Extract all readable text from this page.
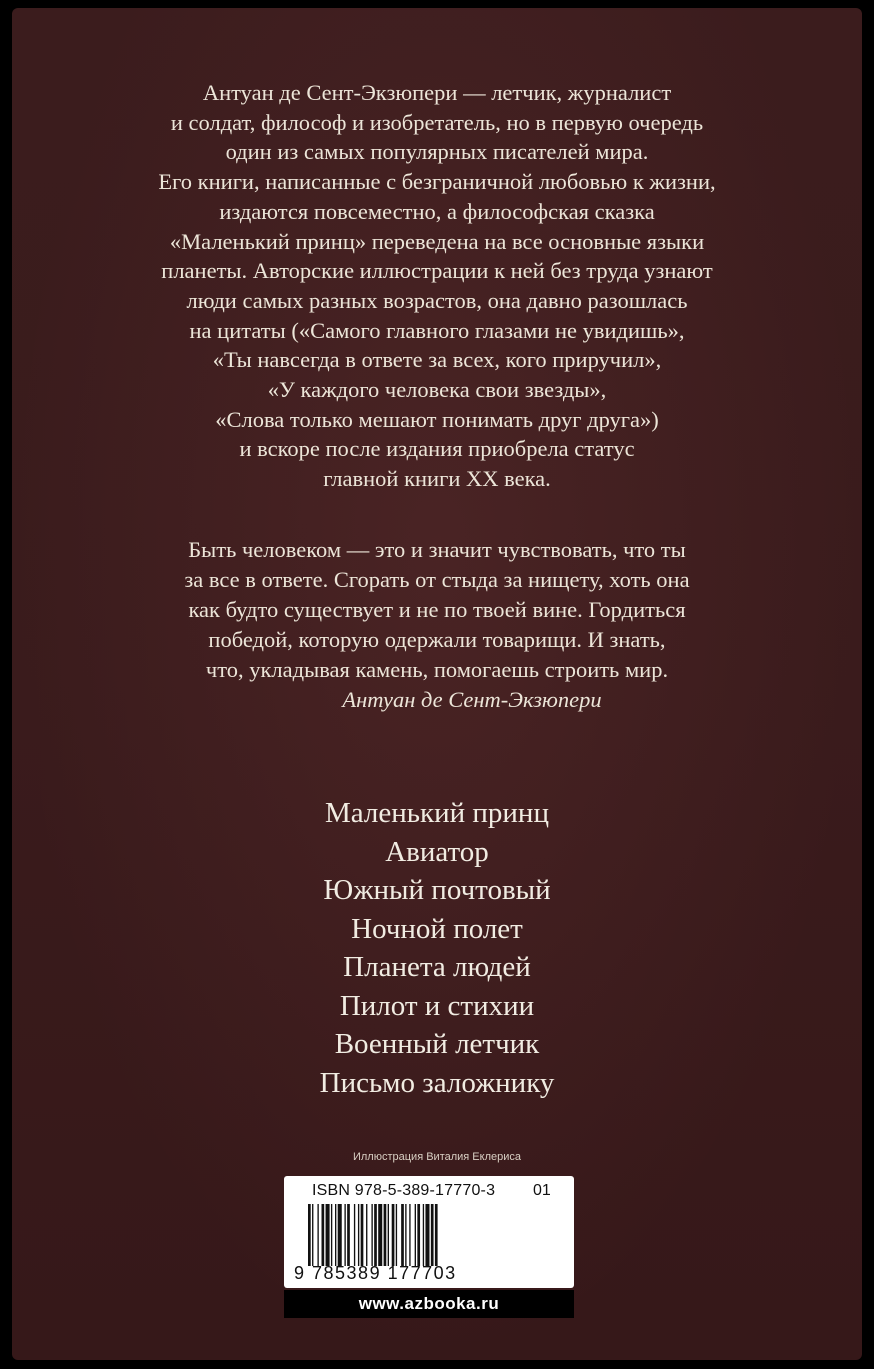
Антуан де Сент-Экзюпери — летчик, журналист
и солдат, философ и изобретатель, но в первую очередь
один из самых популярных писателей мира.
Его книги, написанные с безграничной любовью к жизни,
издаются повсеместно, а философская сказка
«Маленький принц» переведена на все основные языки
планеты. Авторские иллюстрации к ней без труда узнают
люди самых разных возрастов, она давно разошлась
на цитаты («Самого главного глазами не увидишь»,
«Ты навсегда в ответе за всех, кого приручил»,
«У каждого человека свои звезды»,
«Слова только мешают понимать друг друга»)
и вскоре после издания приобрела статус
главной книги XX века.
Быть человеком — это и значит чувствовать, что ты
за все в ответе. Сгорать от стыда за нищету, хоть она
как будто существует и не по твоей вине. Гордиться
победой, которую одержали товарищи. И знать,
что, укладывая камень, помогаешь строить мир.
Антуан де Сент-Экзюпери
Маленький принц
Авиатор
Южный почтовый
Ночной полет
Планета людей
Пилот и стихии
Военный летчик
Письмо заложнику
Иллюстрация Виталия Еклериса
ISBN 978-5-389-17770-3 01
9 785389 177703
www.azbooka.ru
